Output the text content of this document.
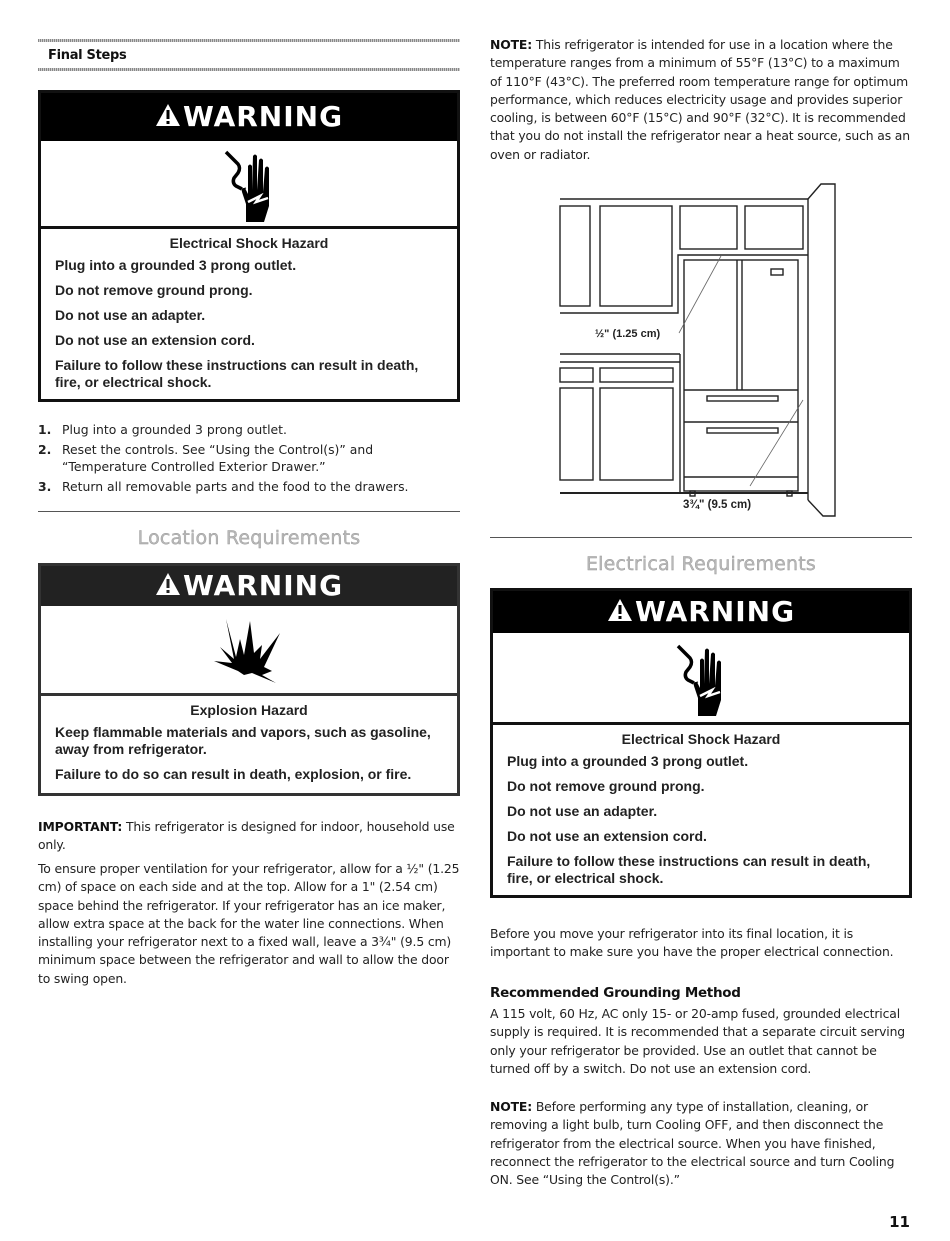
Final Steps
WARNING
Electrical Shock Hazard
Plug into a grounded 3 prong outlet.
Do not remove ground prong.
Do not use an adapter.
Do not use an extension cord.
Failure to follow these instructions can result in death, fire, or electrical shock.
1. Plug into a grounded 3 prong outlet.
2. Reset the controls. See “Using the Control(s)” and “Temperature Controlled Exterior Drawer.”
3. Return all removable parts and the food to the drawers.
Location Requirements
WARNING
Explosion Hazard
Keep flammable materials and vapors, such as gasoline, away from refrigerator.
Failure to do so can result in death, explosion, or fire.
IMPORTANT: This refrigerator is designed for indoor, household use only.
To ensure proper ventilation for your refrigerator, allow for a ½" (1.25 cm) of space on each side and at the top. Allow for a 1" (2.54 cm) space behind the refrigerator. If your refrigerator has an ice maker, allow extra space at the back for the water line connections. When installing your refrigerator next to a fixed wall, leave a 3¾" (9.5 cm) minimum space between the refrigerator and wall to allow the door to swing open.
NOTE: This refrigerator is intended for use in a location where the temperature ranges from a minimum of 55°F (13°C) to a maximum of 110°F (43°C). The preferred room temperature range for optimum performance, which reduces electricity usage and provides superior cooling, is between 60°F (15°C) and 90°F (32°C). It is recommended that you do not install the refrigerator near a heat source, such as an oven or radiator.
½" (1.25 cm)
3¾" (9.5 cm)
Electrical Requirements
WARNING
Electrical Shock Hazard
Plug into a grounded 3 prong outlet.
Do not remove ground prong.
Do not use an adapter.
Do not use an extension cord.
Failure to follow these instructions can result in death, fire, or electrical shock.
Before you move your refrigerator into its final location, it is important to make sure you have the proper electrical connection.
Recommended Grounding Method
A 115 volt, 60 Hz, AC only 15- or 20-amp fused, grounded electrical supply is required. It is recommended that a separate circuit serving only your refrigerator be provided. Use an outlet that cannot be turned off by a switch. Do not use an extension cord.
NOTE: Before performing any type of installation, cleaning, or removing a light bulb, turn Cooling OFF, and then disconnect the refrigerator from the electrical source. When you have finished, reconnect the refrigerator to the electrical source and turn Cooling ON. See “Using the Control(s).”
11
